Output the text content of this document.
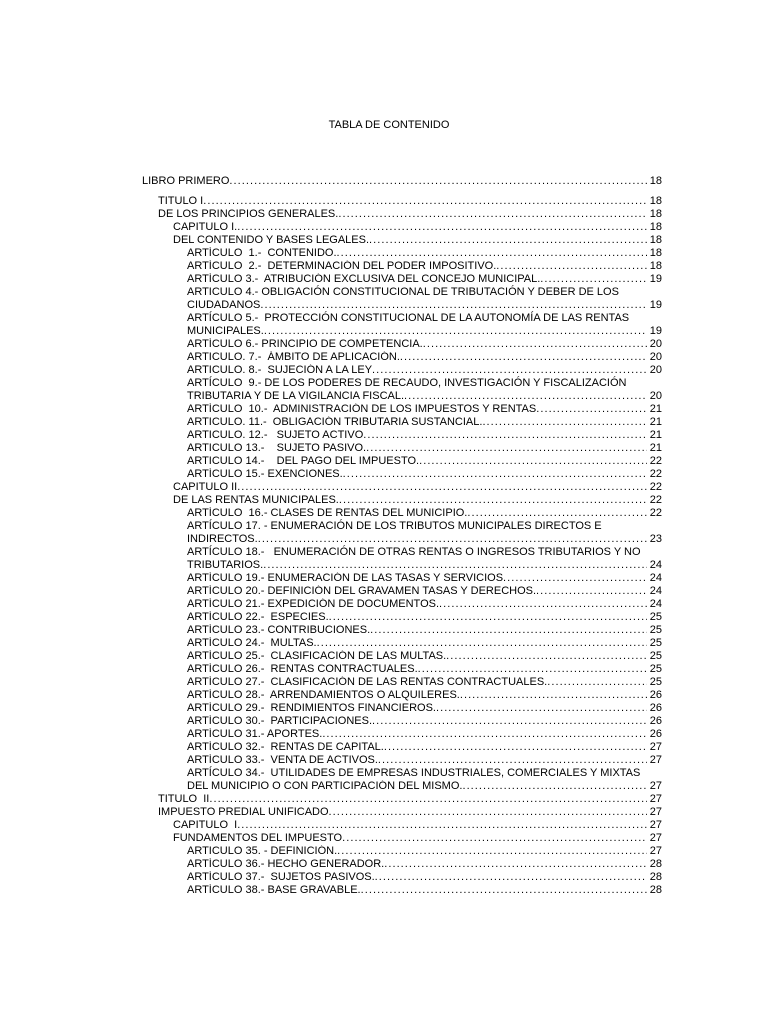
TABLA DE CONTENIDO
LIBRO PRIMERO . . .	18
TITULO I . . .	18
DE LOS PRINCIPIOS GENERALES. . . .	18
CAPITULO I. . . .	18
DEL CONTENIDO Y BASES LEGALES. . . .	18
ARTÍCULO  1.-  CONTENIDO. . . .	18
ARTÍCULO  2.-  DETERMINACIÓN DEL PODER IMPOSITIVO. . . .	18
ARTÍCULO 3.-  ATRIBUCIÓN EXCLUSIVA DEL CONCEJO MUNICIPAL. . . .	19
ARTICULO 4.- OBLIGACIÓN CONSTITUCIONAL DE TRIBUTACIÓN Y DEBER DE LOS
CIUDADANOS . . .	19
ARTÍCULO 5.-  PROTECCIÓN CONSTITUCIONAL DE LA AUTONOMÍA DE LAS RENTAS
MUNICIPALES. . . .	19
ARTÍCULO 6.- PRINCIPIO DE COMPETENCIA. . . .	20
ARTICULO. 7.-  ÁMBITO DE APLICACIÓN. . . .	20
ARTICULO. 8.-  SUJECIÓN A LA LEY . . .	20
ARTÍCULO  9.- DE LOS PODERES DE RECAUDO, INVESTIGACIÓN Y FISCALIZACIÓN
TRIBUTARIA Y DE LA VIGILANCIA FISCAL. . . .	20
ARTÍCULO  10.-  ADMINISTRACIÓN DE LOS IMPUESTOS Y RENTAS . . .	21
ARTICULO. 11.-  OBLIGACIÓN TRIBUTARIA SUSTANCIAL. . . .	21
ARTICULO. 12.-   SUJETO ACTIVO . . .	21
ARTICULO 13.-    SUJETO PASIVO. . . .	21
ARTICULO 14.-    DEL PAGO DEL IMPUESTO. . . .	22
ARTÍCULO 15.- EXENCIONES. . . .	22
CAPITULO II . . .	22
DE LAS RENTAS MUNICIPALES. . . .	22
ARTÍCULO  16.- CLASES DE RENTAS DEL MUNICIPIO. . . .	22
ARTÍCULO 17. - ENUMERACIÓN DE LOS TRIBUTOS MUNICIPALES DIRECTOS E
INDIRECTOS. . . .	23
ARTÍCULO 18.-   ENUMERACIÓN DE OTRAS RENTAS O INGRESOS TRIBUTARIOS Y NO
TRIBUTARIOS. . . .	24
ARTÍCULO 19.- ENUMERACIÓN DE LAS TASAS Y SERVICIOS . . .	24
ARTÍCULO 20.- DEFINICIÓN DEL GRAVAMEN TASAS Y DERECHOS. . . .	24
ARTÍCULO 21.- EXPEDICIÓN DE DOCUMENTOS. . . .	24
ARTÍCULO 22.-  ESPECIES. . . .	25
ARTÍCULO 23.- CONTRIBUCIONES. . . .	25
ARTÍCULO 24.-  MULTAS. . . .	25
ARTÍCULO 25.-  CLASIFICACIÓN DE LAS MULTAS. . . .	25
ARTÍCULO 26.-  RENTAS CONTRACTUALES. . . .	25
ARTÍCULO 27.-  CLASIFICACIÓN DE LAS RENTAS CONTRACTUALES. . . .	25
ARTÍCULO 28.-  ARRENDAMIENTOS O ALQUILERES. . . .	26
ARTÍCULO 29.-  RENDIMIENTOS FINANCIEROS. . . .	26
ARTÍCULO 30.-  PARTICIPACIONES. . . .	26
ARTÍCULO 31.- APORTES. . . .	26
ARTÍCULO 32.-  RENTAS DE CAPITAL. . . .	27
ARTÍCULO 33.-  VENTA DE ACTIVOS. . . .	27
ARTÍCULO 34.-  UTILIDADES DE EMPRESAS INDUSTRIALES, COMERCIALES Y MIXTAS
DEL MUNICIPIO O CON PARTICIPACIÓN DEL MISMO. . . .	27
TITULO  II . . .	27
IMPUESTO PREDIAL UNIFICADO . . .	27
CAPITULO  I . . .	27
FUNDAMENTOS DEL IMPUESTO . . .	27
ARTICULO 35. - DEFINICIÓN. . . .	27
ARTÍCULO 36.- HECHO GENERADOR. . . .	28
ARTÍCULO 37.-  SUJETOS PASIVOS. . . .	28
ARTÍCULO 38.- BASE GRAVABLE. . . .	28
